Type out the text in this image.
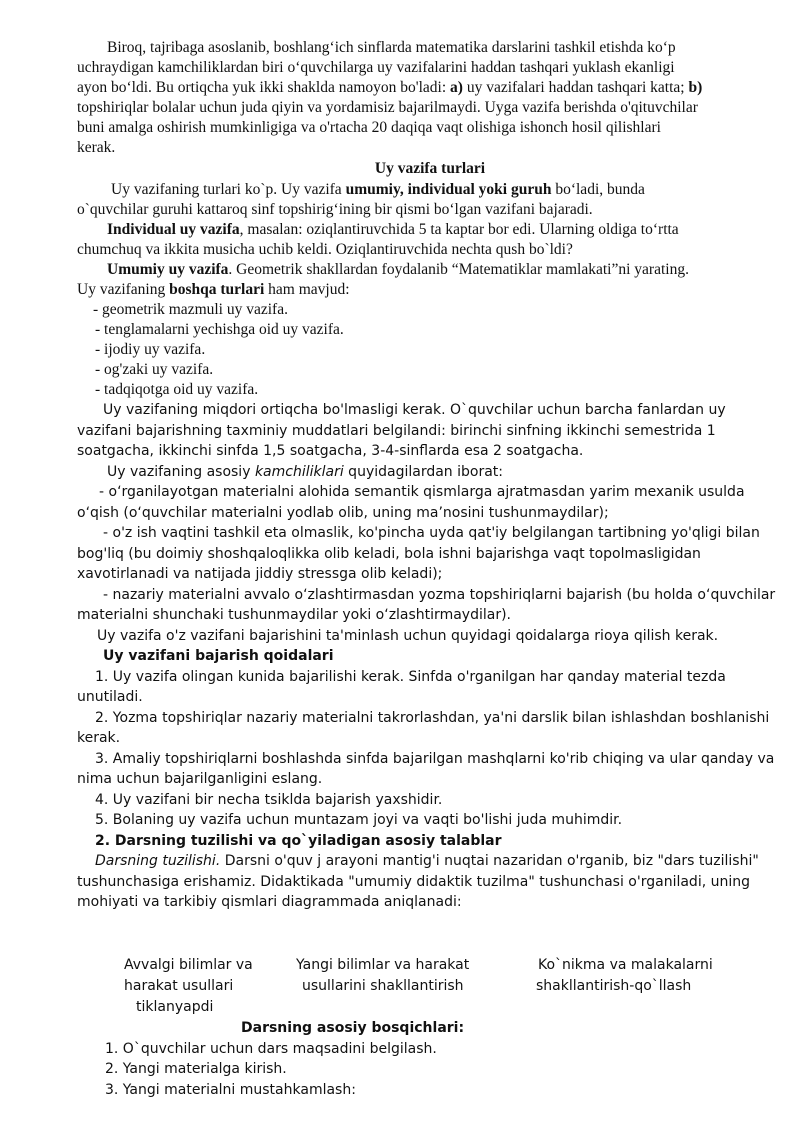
Biroq, tajribaga asoslanib, boshlang‘ich sinflarda matematika darslarini tashkil etishda ko‘p

uchraydigan kamchiliklardan biri o‘quvchilarga uy vazifalarini haddan tashqari yuklash ekanligi

ayon bo‘ldi. Bu ortiqcha yuk ikki shaklda namoyon bo'ladi: a) uy vazifalari haddan tashqari katta; b)

topshiriqlar bolalar uchun juda qiyin va yordamisiz bajarilmaydi. Uyga vazifa berishda o'qituvchilar

buni amalga oshirish mumkinligiga va o'rtacha 20 daqiqa vaqt olishiga ishonch hosil qilishlari

kerak.

Uy vazifa turlari

Uy vazifaning turlari ko`p. Uy vazifa umumiy, individual yoki guruh bo‘ladi, bunda

o`quvchilar guruhi kattaroq sinf topshirig‘ining bir qismi bo‘lgan vazifani bajaradi.

Individual uy vazifa, masalan: oziqlantiruvchida 5 ta kaptar bor edi. Ularning oldiga to‘rtta

chumchuq va ikkita musicha uchib keldi. Oziqlantiruvchida nechta qush bo`ldi?

Umumiy uy vazifa. Geometrik shakllardan foydalanib “Matematiklar mamlakati”ni yarating.

Uy vazifaning boshqa turlari ham mavjud:

- geometrik mazmuli uy vazifa.

- tenglamalarni yechishga oid uy vazifa.

- ijodiy uy vazifa.

- og'zaki uy vazifa.

- tadqiqotga oid uy vazifa.

Uy vazifaning miqdori ortiqcha bo'lmasligi kerak. O`quvchilar uchun barcha fanlardan uy

vazifani bajarishning taxminiy muddatlari belgilandi: birinchi sinfning ikkinchi semestrida 1

soatgacha, ikkinchi sinfda 1,5 soatgacha, 3-4-sinflarda esa 2 soatgacha.

Uy vazifaning asosiy kamchiliklari quyidagilardan iborat:

- o‘rganilayotgan materialni alohida semantik qismlarga ajratmasdan yarim mexanik usulda

o‘qish (o‘quvchilar materialni yodlab olib, uning ma’nosini tushunmaydilar);

- o'z ish vaqtini tashkil eta olmaslik, ko'pincha uyda qat'iy belgilangan tartibning yo'qligi bilan

bog'liq (bu doimiy shoshqaloqlikka olib keladi, bola ishni bajarishga vaqt topolmasligidan

xavotirlanadi va natijada jiddiy stressga olib keladi);

- nazariy materialni avvalo o‘zlashtirmasdan yozma topshiriqlarni bajarish (bu holda o‘quvchilar

materialni shunchaki tushunmaydilar yoki o‘zlashtirmaydilar).

Uy vazifa o'z vazifani bajarishini ta'minlash uchun quyidagi qoidalarga rioya qilish kerak.

Uy vazifani bajarish qoidalari

1. Uy vazifa olingan kunida bajarilishi kerak. Sinfda o'rganilgan har qanday material tezda

unutiladi.

2. Yozma topshiriqlar nazariy materialni takrorlashdan, ya'ni darslik bilan ishlashdan boshlanishi

kerak.

3. Amaliy topshiriqlarni boshlashda sinfda bajarilgan mashqlarni ko'rib chiqing va ular qanday va

nima uchun bajarilganligini eslang.

4. Uy vazifani bir necha tsiklda bajarish yaxshidir.

5. Bolaning uy vazifa uchun muntazam joyi va vaqti bo'lishi juda muhimdir.

2. Darsning tuzilishi va qo`yiladigan asosiy talablar

Darsning tuzilishi. Darsni o'quv j arayoni mantig'i nuqtai nazaridan o'rganib, biz "dars tuzilishi"

tushunchasiga erishamiz. Didaktikada "umumiy didaktik tuzilma" tushunchasi o'rganiladi, uning

mohiyati va tarkibiy qismlari diagrammada aniqlanadi:

Avvalgi bilimlar va

harakat usullari

tiklanyapdi

Yangi bilimlar va harakat

usullarini shakllantirish

Ko`nikma va malakalarni

shakllantirish-qo`llash

Darsning asosiy bosqichlari:

1. O`quvchilar uchun dars maqsadini belgilash.

2. Yangi materialga kirish.

3. Yangi materialni mustahkamlash:
